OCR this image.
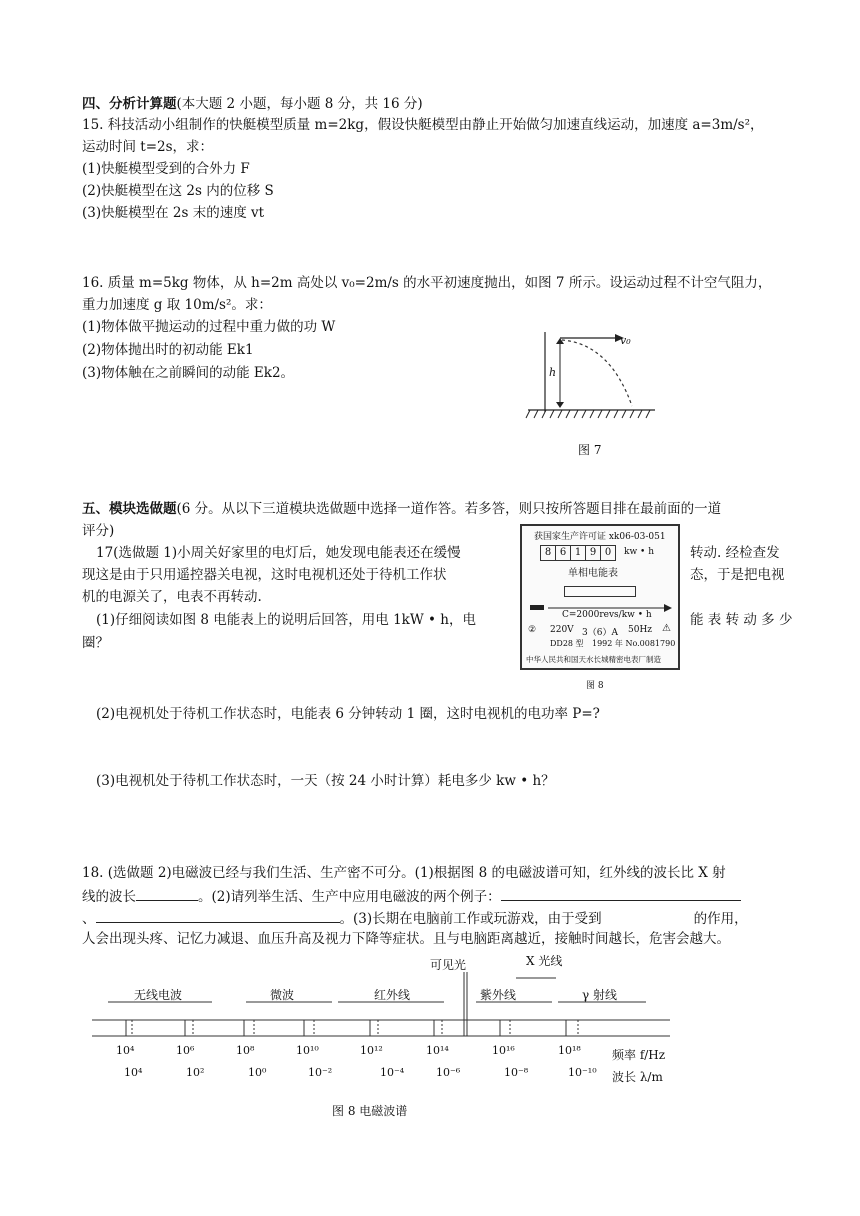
四、分析计算题(本大题 2 小题，每小题 8 分，共 16 分)
15. 科技活动小组制作的快艇模型质量 m=2kg，假设快艇模型由静止开始做匀加速直线运动，加速度 a=3m/s²，
运动时间 t=2s，求：
(1)快艇模型受到的合外力 F
(2)快艇模型在这 2s 内的位移 S
(3)快艇模型在 2s 末的速度 vt
16. 质量 m=5kg 物体，从 h=2m 高处以 v₀=2m/s 的水平初速度抛出，如图 7 所示。设运动过程不计空气阻力，
重力加速度 g 取 10m/s²。求：
(1)物体做平抛运动的过程中重力做的功 W
(2)物体抛出时的初动能 Ek1
(3)物体触在之前瞬间的动能 Ek2。
v₀
h
图 7
五、模块选做题(6 分。从以下三道模块选做题中选择一道作答。若多答，则只按所答题目排在最前面的一道
评分)
17(选做题 1)小周关好家里的电灯后，她发现电能表还在缓慢	转动. 经检查发
现这是由于只用遥控器关电视，这时电视机还处于待机工作状	态，于是把电视
机的电源关了，电表不再转动.
(1)仔细阅读如图 8 电能表上的说明后回答，用电 1kW • h，电	能 表 转 动 多 少
圈？
获国家生产许可证 xk06-03-051
8 6 1 9 0	kw • h
单相电能表
C=2000revs/kw • h
② 220V 3（6）A 50Hz ⚠
DD28 型 1992 年 No.0081790
中华人民共和国天水长城精密电表厂制造
图 8
(2)电视机处于待机工作状态时，电能表 6 分钟转动 1 圈，这时电视机的电功率 P=?
(3)电视机处于待机工作状态时，一天（按 24 小时计算）耗电多少 kw • h？
18. (选做题 2)电磁波已经与我们生活、生产密不可分。(1)根据图 8 的电磁波谱可知，红外线的波长比 X 射
线的波长	。(2)请列举生活、生产中应用电磁波的两个例子：
、	。(3)长期在电脑前工作或玩游戏，由于受到	的作用，
人会出现头疼、记忆力减退、血压升高及视力下降等症状。且与电脑距离越近，接触时间越长，危害会越大。
无线电波	微波	红外线
可见光
紫外线
X 光线
γ 射线
10⁴	10⁶	10⁸	10¹⁰	10¹²	10¹⁴	10¹⁶	10¹⁸	频率 f/Hz
10⁴	10²	10⁰	10⁻²	10⁻⁴	10⁻⁶	10⁻⁸	10⁻¹⁰ 波长 λ/m
图 8 电磁波谱
